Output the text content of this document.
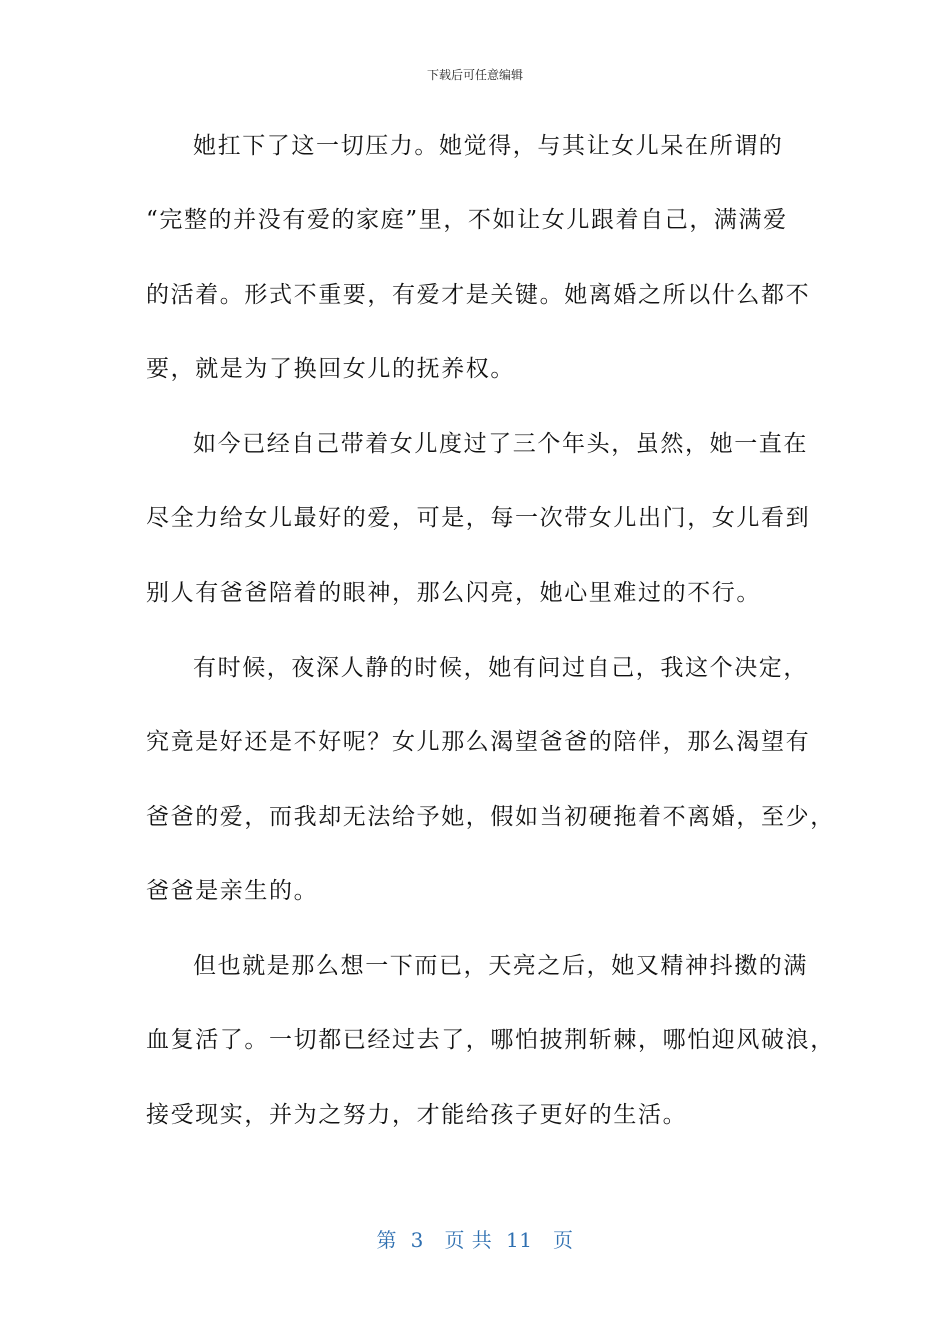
下载后可任意编辑
她扛下了这一切压力。她觉得，与其让女儿呆在所谓的
“完整的并没有爱的家庭”里，不如让女儿跟着自己，满满爱
的活着。形式不重要，有爱才是关键。她离婚之所以什么都不
要，就是为了换回女儿的抚养权。
如今已经自己带着女儿度过了三个年头，虽然，她一直在
尽全力给女儿最好的爱，可是，每一次带女儿出门，女儿看到
别人有爸爸陪着的眼神，那么闪亮，她心里难过的不行。
有时候，夜深人静的时候，她有问过自己，我这个决定，
究竟是好还是不好呢？女儿那么渴望爸爸的陪伴，那么渴望有
爸爸的爱，而我却无法给予她，假如当初硬拖着不离婚，至少，
爸爸是亲生的。
但也就是那么想一下而已，天亮之后，她又精神抖擞的满
血复活了。一切都已经过去了，哪怕披荆斩棘，哪怕迎风破浪，
接受现实，并为之努力，才能给孩子更好的生活。
第  3   页 共  11   页
